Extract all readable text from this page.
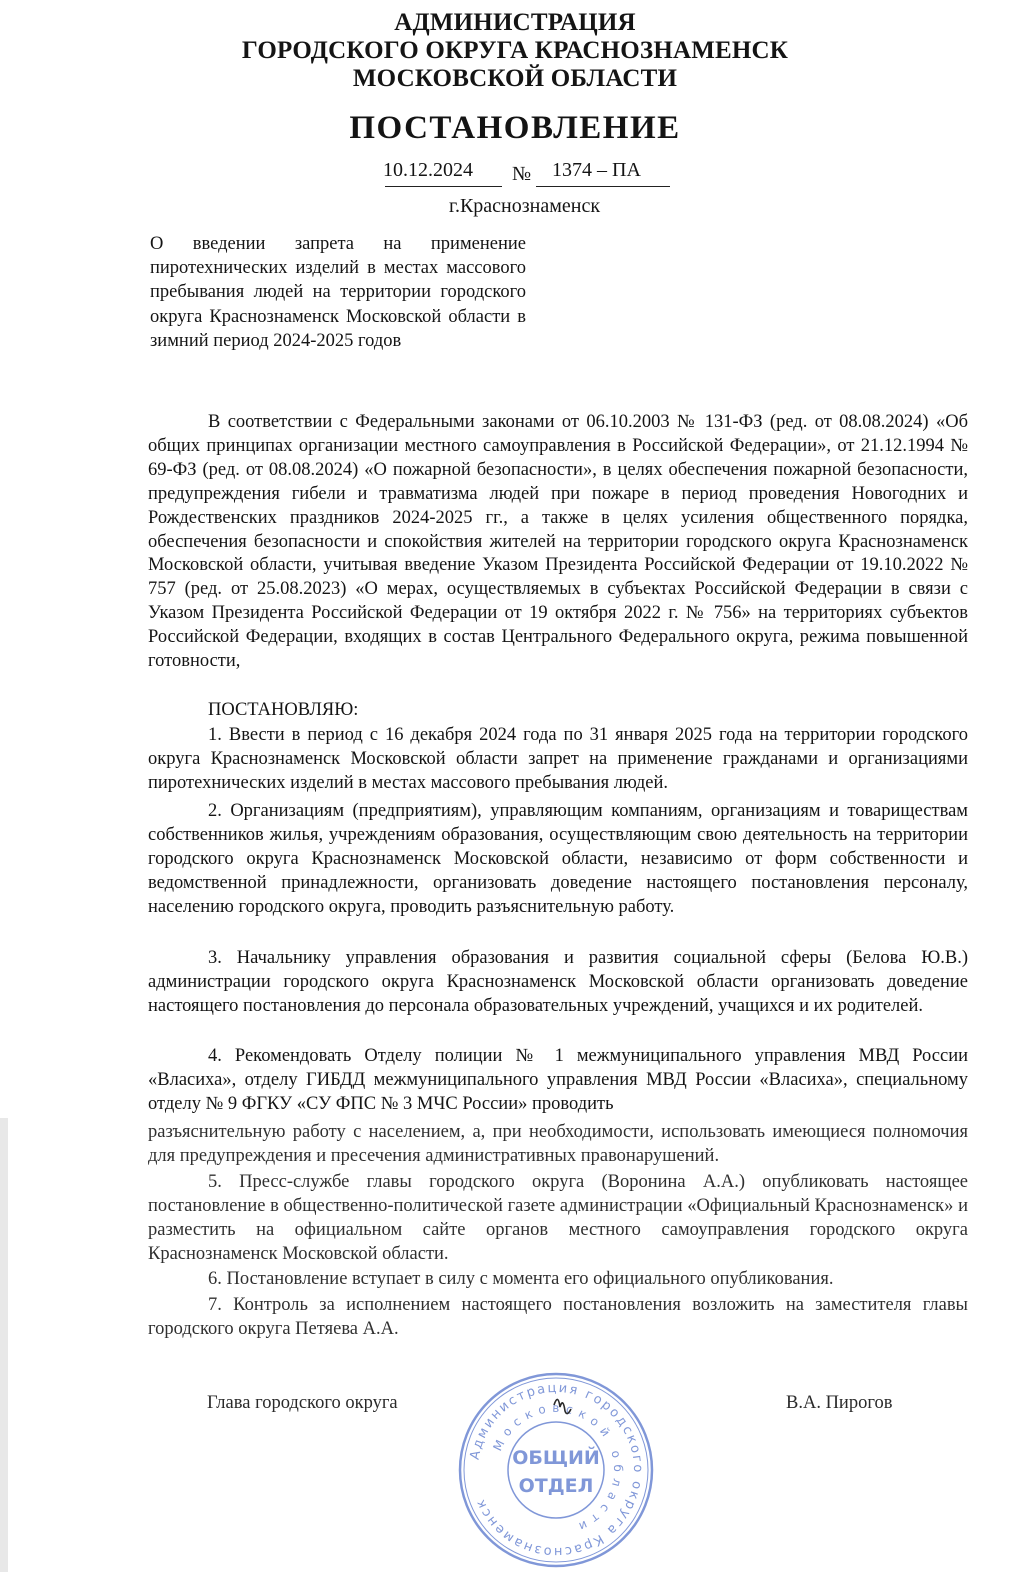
АДМИНИСТРАЦИЯ
ГОРОДСКОГО ОКРУГА КРАСНОЗНАМЕНСК
МОСКОВСКОЙ ОБЛАСТИ
ПОСТАНОВЛЕНИЕ
10.12.2024 № 1374 – ПА
г.Краснознаменск
О введении запрета на применение пиротехнических изделий в местах массового пребывания людей на территории городского округа Краснознаменск Московской области в зимний период 2024-2025 годов

В соответствии с Федеральными законами от 06.10.2003 № 131-ФЗ (ред. от 08.08.2024) «Об общих принципах организации местного самоуправления в Российской Федерации», от 21.12.1994 № 69-ФЗ (ред. от 08.08.2024) «О пожарной безопасности», в целях обеспечения пожарной безопасности, предупреждения гибели и травматизма людей при пожаре в период проведения Новогодних и Рождественских праздников 2024-2025 гг., а также в целях усиления общественного порядка, обеспечения безопасности и спокойствия жителей на территории городского округа Краснознаменск Московской области, учитывая введение Указом Президента Российской Федерации от 19.10.2022 № 757 (ред. от 25.08.2023) «О мерах, осуществляемых в субъектах Российской Федерации в связи с Указом Президента Российской Федерации от 19 октября 2022 г. № 756» на территориях субъектов Российской Федерации, входящих в состав Центрального Федерального округа, режима повышенной готовности,

ПОСТАНОВЛЯЮ:

1. Ввести в период с 16 декабря 2024 года по 31 января 2025 года на территории городского округа Краснознаменск Московской области запрет на применение гражданами и организациями пиротехнических изделий в местах массового пребывания людей.

2. Организациям (предприятиям), управляющим компаниям, организациям и товариществам собственников жилья, учреждениям образования, осуществляющим свою деятельность на территории городского округа Краснознаменск Московской области, независимо от форм собственности и ведомственной принадлежности, организовать доведение настоящего постановления персоналу, населению городского округа, проводить разъяснительную работу.

3. Начальнику управления образования и развития социальной сферы (Белова Ю.В.) администрации городского округа Краснознаменск Московской области организовать доведение настоящего постановления до персонала образовательных учреждений, учащихся и их родителей.

4. Рекомендовать Отделу полиции № 1 межмуниципального управления МВД России «Власиха», отделу ГИБДД межмуниципального управления МВД России «Власиха», специальному отделу № 9 ФГКУ «СУ ФПС № 3 МЧС России» проводить

разъяснительную работу с населением, а, при необходимости, использовать имеющиеся полномочия для предупреждения и пресечения административных правонарушений.

5. Пресс-службе главы городского округа (Воронина А.А.) опубликовать настоящее постановление в общественно-политической газете администрации «Официальный Краснознаменск» и разместить на официальном сайте органов местного самоуправления городского округа Краснознаменск Московской области.

6. Постановление вступает в силу с момента его официального опубликования.

7. Контроль за исполнением настоящего постановления возложить на заместителя главы городского округа Петяева А.А.

Глава городского округа	В.А. Пирогов
Администрация городского округа Краснознаменск
Московской области
ОБЩИЙ
ОТДЕЛ
